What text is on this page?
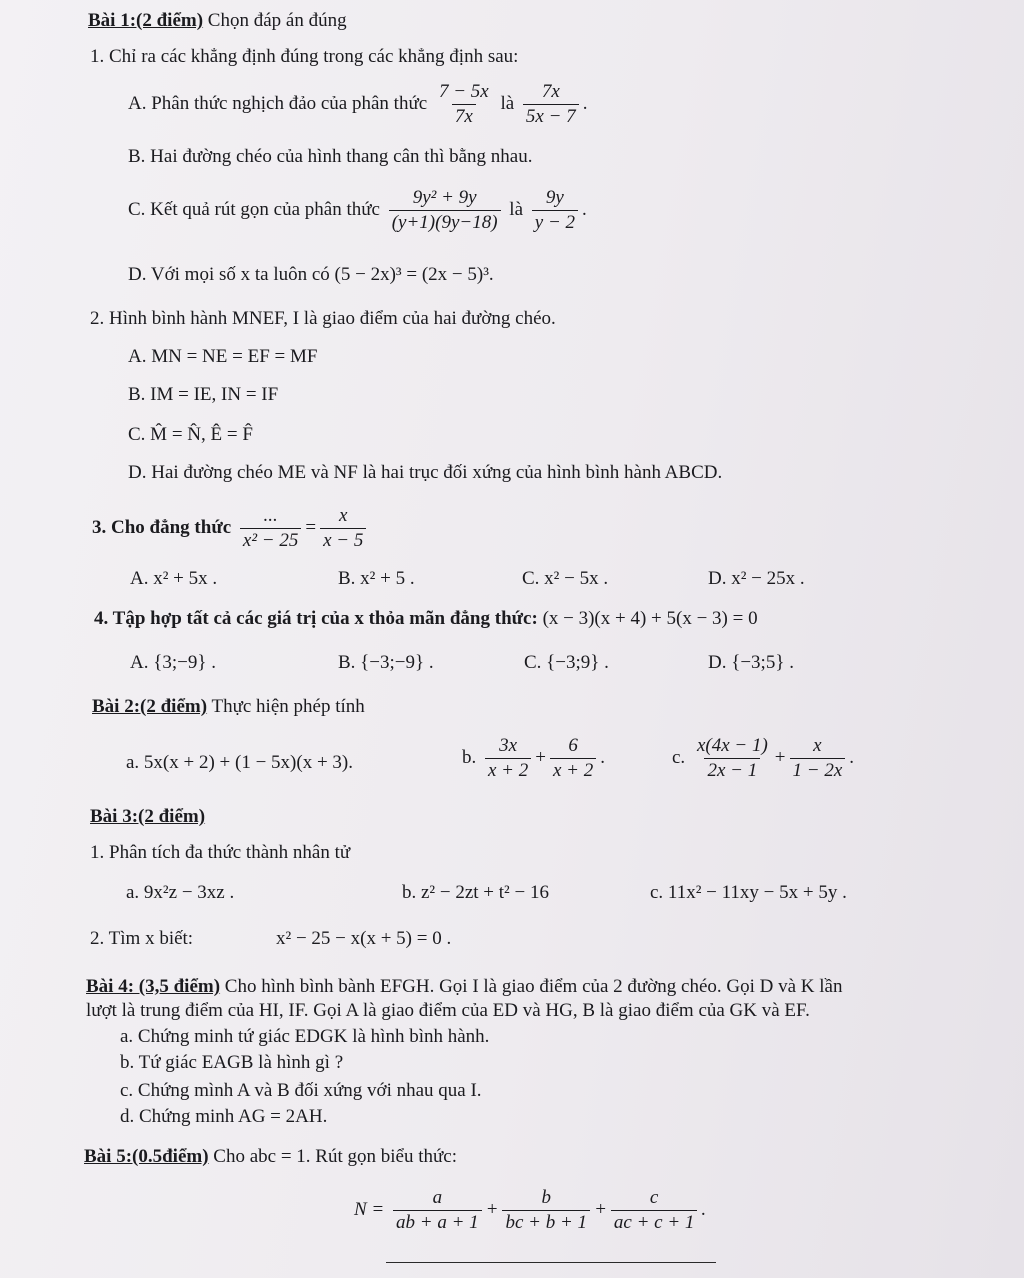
Bài 1:(2 điểm) Chọn đáp án đúng
1. Chỉ ra các khẳng định đúng trong các khẳng định sau:
A. Phân thức nghịch đảo của phân thức $\frac{7 - 5x}{7x}$ là $\frac{7x}{5x - 7}$ .
B. Hai đường chéo của hình thang cân thì bằng nhau.
C. Kết quả rút gọn của phân thức $\frac{\text{9y² + 9y}}{(y+1)(9y-18)}$ là $\frac{9y}{y - 2}$ .
D. Với mọi số x ta luôn có (5 − 2x)³ = (2x − 5)³.
2. Hình bình hành MNEF, I là giao điểm của hai đường chéo.
A. MN = NE = EF = MF
B. IM = IE, IN = IF
C. M̂ = N̂, Ê = F̂
D. Hai đường chéo ME và NF là hai trục đối xứng của hình bình hành ABCD.
3. Cho đẳng thức $\frac{...}{\text{x² − 25}} = \frac{x}{x - 5}$
A. x² + 5x .	B. x² + 5 .	C. x² − 5x .	D. x² − 25x .
4. Tập hợp tất cả các giá trị của x thỏa mãn đẳng thức: (x − 3)(x + 4) + 5(x − 3) = 0
A. {3;−9} .	B. {−3;−9} .	C. {−3;9} .	D. {−3;5} .
Bài 2:(2 điểm) Thực hiện phép tính
a. 5x(x + 2) + (1 − 5x)(x + 3).	b. $\frac{3x}{x + 2} + \frac{6}{x + 2}$ .	c. $\frac{x(4x - 1)}{2x - 1} + \frac{x}{1 - 2x}$ .
Bài 3:(2 điểm)
1. Phân tích đa thức thành nhân tử
a. 9x²z − 3xz .	b. z² − 2zt + t² − 16	c. 11x² − 11xy − 5x + 5y .
2. Tìm x biết:	x² − 25 − x(x + 5) = 0 .
Bài 4: (3,5 điểm) Cho hình bình bành EFGH. Gọi I là giao điểm của 2 đường chéo. Gọi D và K lần
lượt là trung điểm của HI, IF. Gọi A là giao điểm của ED và HG, B là giao điểm của GK và EF.
a. Chứng minh tứ giác EDGK là hình bình hành.
b. Tứ giác EAGB là hình gì ?
c. Chứng mình A và B đối xứng với nhau qua I.
d. Chứng minh AG = 2AH.
Bài 5:(0.5điểm) Cho abc = 1. Rút gọn biểu thức:
$N = \frac{a}{ab + a + 1} + \frac{b}{bc + b + 1} + \frac{c}{ac + c + 1}$ .
